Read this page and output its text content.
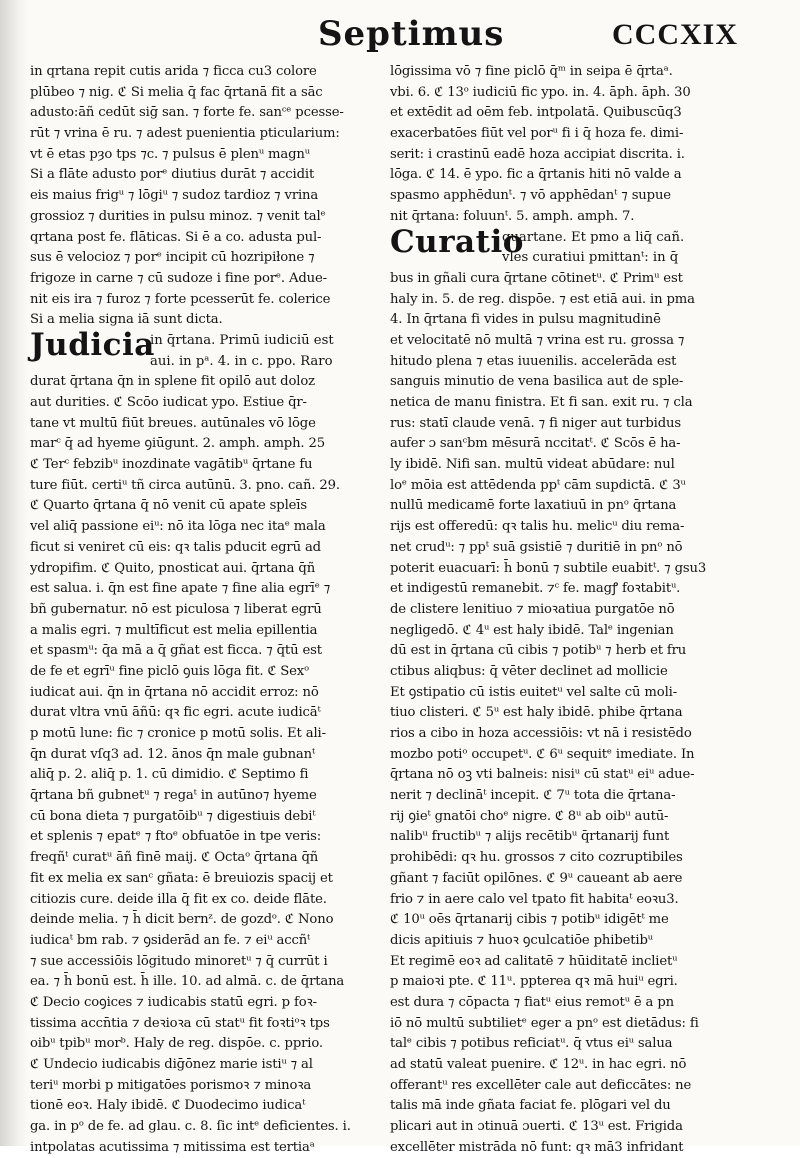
Septimus	CCCXIX
in qrtana repit cutis arida ⁊ ficca cu3 colore
plūbeo ⁊ nig. ℭ Si melia q̄ fac q̄rtanā fit a sāc
adusto:āñ cedūt siḡ san. ⁊ forte fe. sanᶜᵉ pcesse-
rūt ⁊ vrina ē ru. ⁊ adest puenientia pticularium:
vt ē etas pȝo tps ⁊c. ⁊ pulsus ē plenᵘ magnᵘ
Si a flāte adusto porᵉ diutius durāt ⁊ accidit
eis maius frigᵘ ⁊ lōgiᵘ ⁊ sudoz tardioz ⁊ vrina
grossioz ⁊ durities in pulsu minoz. ⁊ venit talᵉ
qrtana post fe. flāticas. Si ē a co. adusta pul-
sus ē velocioz ⁊ porᵉ incipit cū hozripiłone ⁊
frigoze in carne ⁊ cū sudoze i fine porᵉ. Adue-
nit eis ira ⁊ furoz ⁊ forte pcesserūt fe. colerice
Si a melia signa iā sunt dicta.
Judicia
in q̄rtana. Primū iudiciū est
aui. in pᵃ. 4. in c. ppo. Raro
durat q̄rtana q̄n in splene fit opilō aut doloz
aut durities. ℭ Scōo iudicat ypo. Estiue q̄r-
tane vt multū fiūt breues. autūnales vō lōge
marᶜ q̄ ad hyeme ꝯiūgunt. 2. amph. amph. 25
ℭ Terᶜ febzibᵘ inozdinate vagātibᵘ q̄rtane fu
ture fiūt. certiᵘ tñ circa autūnū. 3. pno. cañ. 29.
ℭ Quarto q̄rtana q̄ nō venit cū apate spleīs
vel aliq̄ passione eiᵘ: nō ita lōga nec itaᵉ mala
ficut si veniret cū eis: qꝛ talis pducit egrū ad
ydropifim. ℭ Quito, pnosticat aui. q̄rtana q̄ñ
est salua. i. q̄n est fine apate ⁊ fine alia egrīᵉ ⁊
bñ gubernatur. nō est piculosa ⁊ liberat egrū
a malis egri. ⁊ multīficut est melia epillentia
et spasmᵘ: q̄a mā a q̄ gñat est ficca. ⁊ q̄tū est
de fe et egrīᵘ fine piclō ꝯuis lōga fit. ℭ Sexᵒ
iudicat aui. q̄n in q̄rtana nō accidit erroz: nō
durat vltra vnū āñū: qꝛ fic egri. acute iudicāᵗ
p motū lune: fic ⁊ cronice p motū solis. Et ali-
q̄n durat vſq3 ad. 12. ānos q̄n male gubnanᵗ
aliq̄ p. 2. aliq̄ p. 1. cū dimidio. ℭ Septimo fi
q̄rtana bñ gubnetᵘ ⁊ regaᵗ in autūno⁊ hyeme
cū bona dieta ⁊ purgatōibᵘ ⁊ digestiuis debiᵗ
et splenis ⁊ epatᵉ ⁊ ftoᵉ obfuatōe in tpe veris:
freqñᵗ curatᵘ āñ finē maij. ℭ Octaᵒ q̄rtana q̄ñ
fit ex melia ex sanᶜ gñata: ē breuiozis spacij et
citiozis cure. deide illa q̄ fit ex co. deide flāte.
deinde melia. ⁊ h̄ dicit bernᶻ. de gozdᵒ. ℭ Nono
iudicaᵗ bm rab. ⁊ ꝯsiderād an fe. ⁊ eiᵘ accñᵗ
⁊ sue accessiōis lōgitudo minoretᵘ ⁊ q̄ currūt i
ea. ⁊ h̄ bonū est. h̄ ille. 10. ad almā. c. de q̄rtana
ℭ Decio coꝯices ⁊ iudicabis statū egri. p foꝛ-
tissima accn̄tia ⁊ deꝛioꝛa cū statᵘ fit foꝛtiᵒꝛ tps
oibᵘ tpibᵘ morᵇ. Haly de reg. dispōe. c. pprio.
ℭ Undecio iudicabis diḡōnez marie istiᵘ ⁊ al
teriᵘ morbi p mitigatōes porismoꝛ ⁊ minoꝛa
tionē eoꝛ. Haly ibidē. ℭ Duodecimo iudicaᵗ
ga. in pᵒ de fe. ad glau. c. 8. ſic intᵉ deficientes. i.
intpolatas acutissima ⁊ mitissima est tertiaᵃ
lōgissima vō ⁊ fine piclō q̄ᵐ in seipa ē q̄rtaᵃ.
vbi. 6. ℭ 13ᵒ iudiciū fic ypo. in. 4. āph. āph. 30
et extēdit ad oēm feb. intpolatā. Quibuscūq3
exacerbatōes fiūt vel porᵘ fi i q̄ hoza fe. dimi-
serit: i crastinū eadē hoza accipiat discrita. i.
lōga. ℭ 14. ē ypo. fic a q̄rtanis hiti nō valde a
spasmo apphēdunᵗ. ⁊ vō apphēdanᵗ ⁊ supue
nit q̄rtana: foluunᵗ. 5. amph. amph. 7.
Curatio
quartane. Et pmo a liq̄ cañ.
vles curatiui pmittanᵗ: in q̄
bus in gñali cura q̄rtane cōtinetᵘ. ℭ Primᵘ est
haly in. 5. de reg. dispōe. ⁊ est etiā aui. in pma
4. In q̄rtana fi vides in pulsu magnitudinē
et velocitatē nō multā ⁊ vrina est ru. grossa ⁊
hitudo plena ⁊ etas iuuenilis. accelerāda est
sanguis minutio de vena basilica aut de sple-
netica de manu finistra. Et fi san. exit ru. ⁊ cla
rus: statī claude venā. ⁊ fi niger aut turbidus
aufer ɔ sanᶜbm mēsurā nccitatᵗ. ℭ Scōs ē ha-
ly ibidē. Nifi san. multū videat abūdare: nul
loᵉ mōia est attēdenda ppᵗ cām supdictā. ℭ 3ᵘ
nullū medicamē forte laxatiuū in pnᵒ q̄rtana
rijs est offeredū: qꝛ talis hu. melicᵘ diu rema-
net crudᵘ: ⁊ ppᵗ suā gsistiē ⁊ duritiē in pnᵒ nō
poterit euacuarī: h̄ bonū ⁊ subtile euabitᵗ. ⁊ gsu3
et indigestū remanebit. ⁊ᶜ fe. magꝭ foꝛtabitᵘ.
de clistere lenitiuo ⁊ mioꝛatiua purgatōe nō
negligedō. ℭ 4ᵘ est haly ibidē. Talᵉ ingenian
dū est in q̄rtana cū cibis ⁊ potibᵘ ⁊ herb et fru
ctibus aliqbus: q̄ vēter declinet ad mollicie
Et ꝯstipatio cū istis euitetᵘ vel salte cū moli-
tiuo clisteri. ℭ 5ᵘ est haly ibidē. phibe q̄rtana
rios a cibo in hoza accessiōis: vt nā i resistēdo
mozbo potiᵒ occupetᵘ. ℭ 6ᵘ sequitᵉ imediate. In
q̄rtana nō oꝫ vti balneis: nisiᵘ cū statᵘ eiᵘ adue-
nerit ⁊ declināᵗ incepit. ℭ 7ᵘ tota die q̄rtana-
rij ꝯieᵗ gnatōi choᵉ nigre. ℭ 8ᵘ ab oibᵘ autū-
nalibᵘ fructibᵘ ⁊ alijs recētibᵘ q̄rtanarij funt
prohibēdi: qꝛ hu. grossos ⁊ cito cozruptibiles
gñant ⁊ faciūt opilōnes. ℭ 9ᵘ caueant ab aere
frio ⁊ in aere calo vel tpato fit habitaᵗ eoꝛu3.
ℭ 10ᵘ oēs q̄rtanarij cibis ⁊ potibᵘ idigētᵗ me
dicis apitiuis ⁊ huoꝛ ꝯculcatiōe phibetibᵘ
Et regimē eoꝛ ad calitatē ⁊ hūiditatē inclietᵘ
p maioꝛi pte. ℭ 11ᵘ. ppterea qꝛ mā huiᵘ egri.
est dura ⁊ cōpacta ⁊ fiatᵘ eius remotᵘ ē a pn
iō nō multū subtilietᵉ eger a pnᵒ est dietādus: fi
talᵉ cibis ⁊ potibus reficiatᵘ. q̄ vtus eiᵘ salua
ad statū valeat puenire. ℭ 12ᵘ. in hac egri. nō
offerantᵘ res excellēter cale aut deficcātes: ne
talis mā inde gñata faciat fe. plōgari vel du
plicari aut in ɔtinuā ɔuerti. ℭ 13ᵘ est. Frigida
excellēter mistrāda nō funt: qꝛ mā3 infridant
